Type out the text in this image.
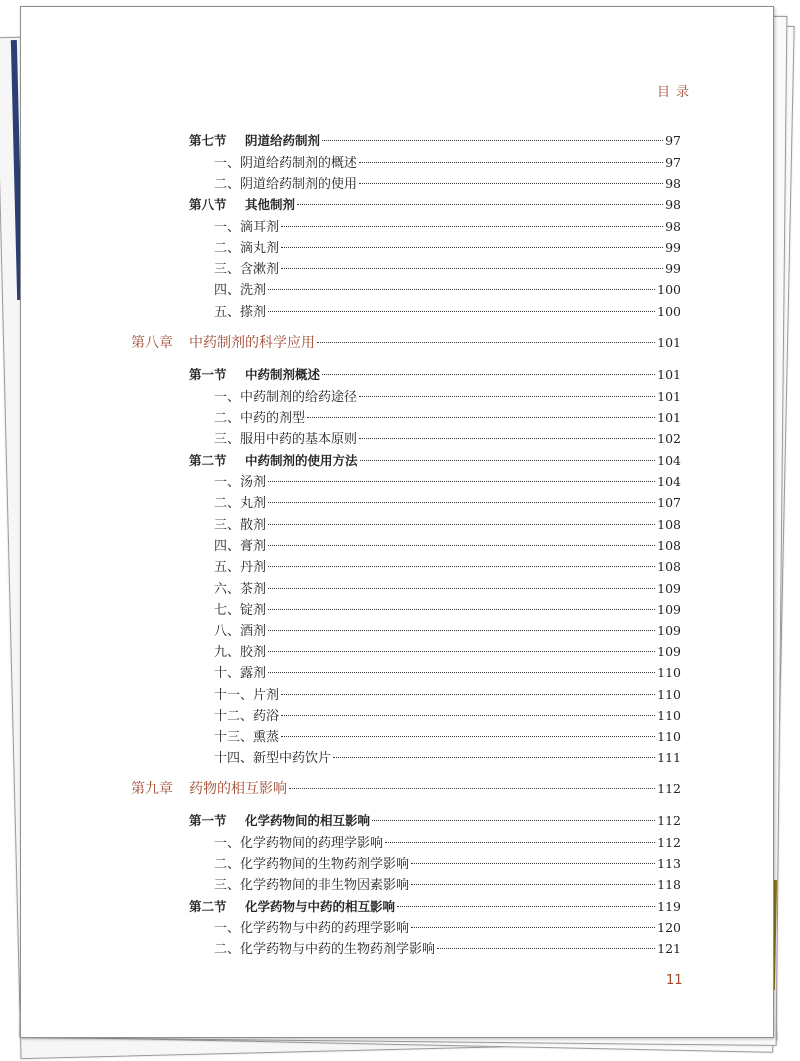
目录
第七节 阴道给药制剂	97
一、阴道给药制剂的概述	97
二、阴道给药制剂的使用	98
第八节 其他制剂	98
一、滴耳剂	98
二、滴丸剂	99
三、含漱剂	99
四、洗剂	100
五、搽剂	100
第八章 中药制剂的科学应用	101
第一节 中药制剂概述	101
一、中药制剂的给药途径	101
二、中药的剂型	101
三、服用中药的基本原则	102
第二节 中药制剂的使用方法	104
一、汤剂	104
二、丸剂	107
三、散剂	108
四、膏剂	108
五、丹剂	108
六、茶剂	109
七、锭剂	109
八、酒剂	109
九、胶剂	109
十、露剂	110
十一、片剂	110
十二、药浴	110
十三、熏蒸	110
十四、新型中药饮片	111
第九章 药物的相互影响	112
第一节 化学药物间的相互影响	112
一、化学药物间的药理学影响	112
二、化学药物间的生物药剂学影响	113
三、化学药物间的非生物因素影响	118
第二节 化学药物与中药的相互影响	119
一、化学药物与中药的药理学影响	120
二、化学药物与中药的生物药剂学影响	121
11
